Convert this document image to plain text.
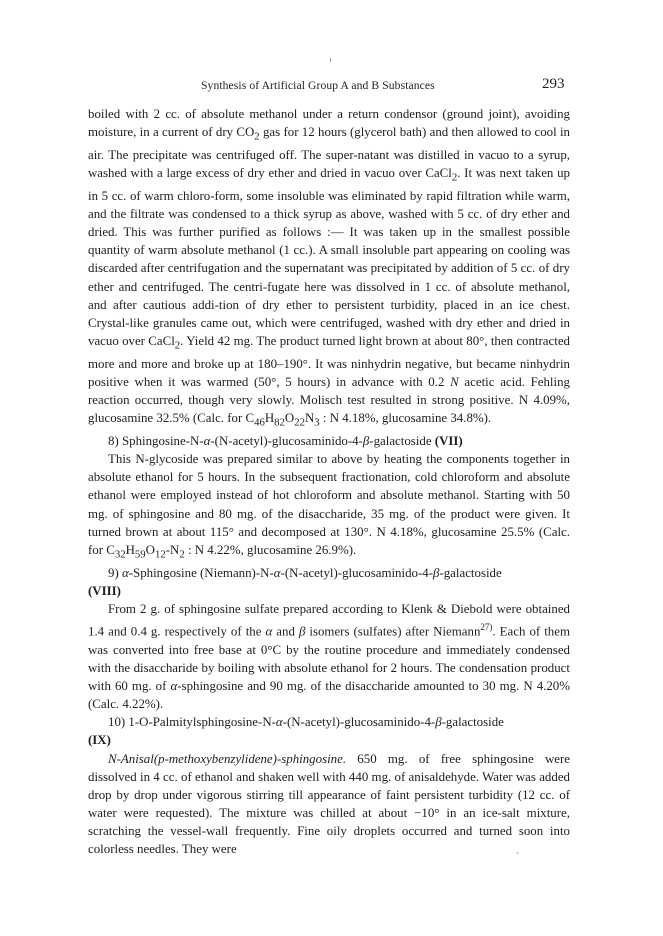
Synthesis of Artificial Group A and B Substances	293

boiled with 2 cc. of absolute methanol under a return condensor (ground joint), avoiding moisture, in a current of dry $CO_2$ gas for 12 hours (glycerol bath) and then allowed to cool in air. The precipitate was centrifuged off. The super-natant was distilled in vacuo to a syrup, washed with a large excess of dry ether and dried in vacuo over CaCl$_2$. It was next taken up in 5 cc. of warm chloro-form, some insoluble was eliminated by rapid filtration while warm, and the filtrate was condensed to a thick syrup as above, washed with 5 cc. of dry ether and dried. This was further purified as follows :— It was taken up in the smallest possible quantity of warm absolute methanol (1 cc.). A small insoluble part appearing on cooling was discarded after centrifugation and the supernatant was precipitated by addition of 5 cc. of dry ether and centrifuged. The centri-fugate here was dissolved in 1 cc. of absolute methanol, and after cautious addi-tion of dry ether to persistent turbidity, placed in an ice chest. Crystal-like granules came out, which were centrifuged, washed with dry ether and dried in vacuo over CaCl$_2$. Yield 42 mg. The product turned light brown at about 80°, then contracted more and more and broke up at 180–190°. It was ninhydrin negative, but became ninhydrin positive when it was warmed (50°, 5 hours) in advance with 0.2 N acetic acid. Fehling reaction occurred, though very slowly. Molisch test resulted in strong positive. N 4.09%, glucosamine 32.5% (Calc. for $C_{46}H_{82}O_{22}N_3$ : N 4.18%, glucosamine 34.8%).

8) Sphingosine-N-α-(N-acetyl)-glucosaminido-4-β-galactoside (VII)

This N-glycoside was prepared similar to above by heating the components together in absolute ethanol for 5 hours. In the subsequent fractionation, cold chloroform and absolute ethanol were employed instead of hot chloroform and absolute methanol. Starting with 50 mg. of sphingosine and 80 mg. of the disaccharide, 35 mg. of the product were given. It turned brown at about 115° and decomposed at 130°. N 4.18%, glucosamine 25.5% (Calc. for $C_{32}H_{59}O_{12}-N_2$ : N 4.22%, glucosamine 26.9%).

9) α-Sphingosine (Niemann)-N-α-(N-acetyl)-glucosaminido-4-β-galactoside
(VIII)

From 2 g. of sphingosine sulfate prepared according to Klenk & Diebold were obtained 1.4 and 0.4 g. respectively of the α and β isomers (sulfates) after Niemann$^{27)}$. Each of them was converted into free base at 0°C by the routine procedure and immediately condensed with the disaccharide by boiling with absolute ethanol for 2 hours. The condensation product with 60 mg. of α-sphingosine and 90 mg. of the disaccharide amounted to 30 mg. N 4.20% (Calc. 4.22%).

10) 1-O-Palmitylsphingosine-N-α-(N-acetyl)-glucosaminido-4-β-galactoside
(IX)

N-Anisal(p-methoxybenzylidene)-sphingosine. 650 mg. of free sphingosine were dissolved in 4 cc. of ethanol and shaken well with 440 mg. of anisaldehyde. Water was added drop by drop under vigorous stirring till appearance of faint persistent turbidity (12 cc. of water were requested). The mixture was chilled at about −10° in an ice-salt mixture, scratching the vessel-wall frequently. Fine oily droplets occurred and turned soon into colorless needles. They were

`
